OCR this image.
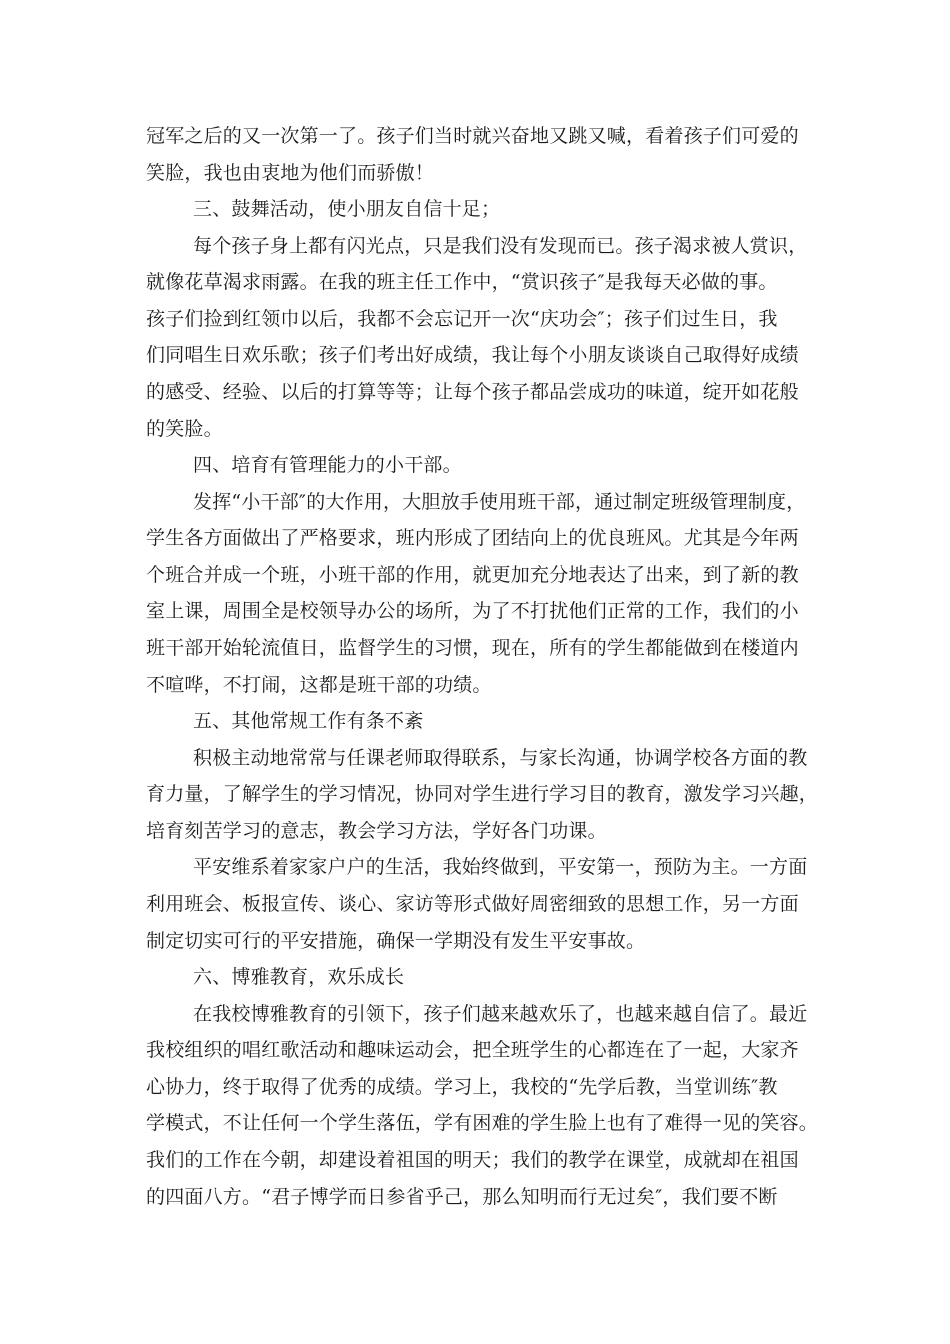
冠军之后的又一次第一了。孩子们当时就兴奋地又跳又喊，看着孩子们可爱的
笑脸，我也由衷地为他们而骄傲！
三、鼓舞活动，使小朋友自信十足；
每个孩子身上都有闪光点，只是我们没有发现而已。孩子渴求被人赏识，
就像花草渴求雨露。在我的班主任工作中，“赏识孩子″是我每天必做的事。
孩子们捡到红领巾以后，我都不会忘记开一次“庆功会″；孩子们过生日，我
们同唱生日欢乐歌；孩子们考出好成绩，我让每个小朋友谈谈自己取得好成绩
的感受、经验、以后的打算等等；让每个孩子都品尝成功的味道，绽开如花般
的笑脸。
四、培育有管理能力的小干部。
发挥“小干部″的大作用，大胆放手使用班干部，通过制定班级管理制度，
学生各方面做出了严格要求，班内形成了团结向上的优良班风。尤其是今年两
个班合并成一个班，小班干部的作用，就更加充分地表达了出来，到了新的教
室上课，周围全是校领导办公的场所，为了不打扰他们正常的工作，我们的小
班干部开始轮流值日，监督学生的习惯，现在，所有的学生都能做到在楼道内
不喧哗，不打闹，这都是班干部的功绩。
五、其他常规工作有条不紊
积极主动地常常与任课老师取得联系，与家长沟通，协调学校各方面的教
育力量，了解学生的学习情况，协同对学生进行学习目的教育，激发学习兴趣，
培育刻苦学习的意志，教会学习方法，学好各门功课。
平安维系着家家户户的生活，我始终做到，平安第一，预防为主。一方面
利用班会、板报宣传、谈心、家访等形式做好周密细致的思想工作，另一方面
制定切实可行的平安措施，确保一学期没有发生平安事故。
六、博雅教育，欢乐成长
在我校博雅教育的引领下，孩子们越来越欢乐了，也越来越自信了。最近
我校组织的唱红歌活动和趣味运动会，把全班学生的心都连在了一起，大家齐
心协力，终于取得了优秀的成绩。学习上，我校的“先学后教，当堂训练″教
学模式，不让任何一个学生落伍，学有困难的学生脸上也有了难得一见的笑容。
我们的工作在今朝，却建设着祖国的明天；我们的教学在课堂，成就却在祖国
的四面八方。“君子博学而日参省乎己，那么知明而行无过矣″，我们要不断
